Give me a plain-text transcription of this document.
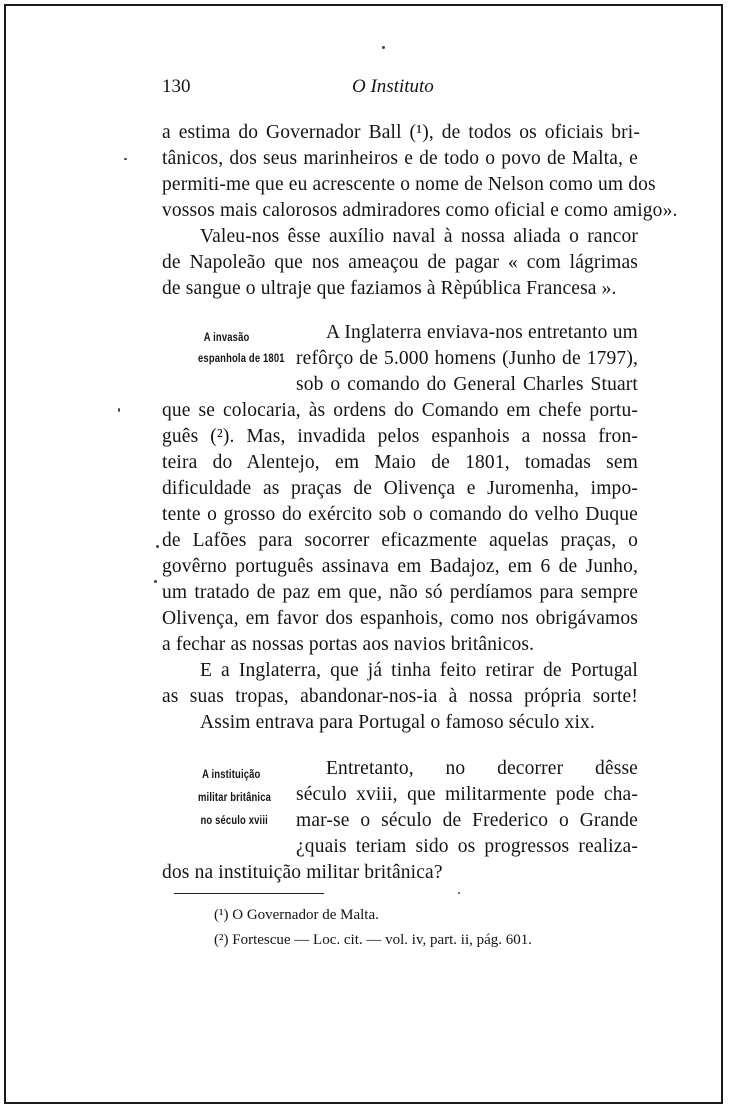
130	O Instituto
a estima do Governador Ball (¹), de todos os oficiais bri-
tânicos, dos seus marinheiros e de todo o povo de Malta, e
permiti-me que eu acrescente o nome de Nelson como um dos
vossos mais calorosos admiradores como oficial e como amigo».
Valeu-nos êsse auxílio naval à nossa aliada o rancor
de Napoleão que nos ameaçou de pagar « com lágrimas
de sangue o ultraje que faziamos à Rèpública Francesa ».
A invasão
espanhola de 1801
A Inglaterra enviava-nos entretanto um
refôrço de 5.000 homens (Junho de 1797),
sob o comando do General Charles Stuart
que se colocaria, às ordens do Comando em chefe portu-
guês (²). Mas, invadida pelos espanhois a nossa fron-
teira do Alentejo, em Maio de 1801, tomadas sem
dificuldade as praças de Olivença e Juromenha, impo-
tente o grosso do exército sob o comando do velho Duque
de Lafões para socorrer eficazmente aquelas praças, o
govêrno português assinava em Badajoz, em 6 de Junho,
um tratado de paz em que, não só perdíamos para sempre
Olivença, em favor dos espanhois, como nos obrigávamos
a fechar as nossas portas aos navios britânicos.
E a Inglaterra, que já tinha feito retirar de Portugal
as suas tropas, abandonar-nos-ia à nossa própria sorte!
Assim entrava para Portugal o famoso século xix.
A instituição
militar britânica
no século xviii
Entretanto, no decorrer dêsse
século xviii, que militarmente pode cha-
mar-se o século de Frederico o Grande
¿quais teriam sido os progressos realiza-
dos na instituição militar britânica?
(¹) O Governador de Malta.
(²) Fortescue — Loc. cit. — vol. iv, part. ii, pág. 601.
